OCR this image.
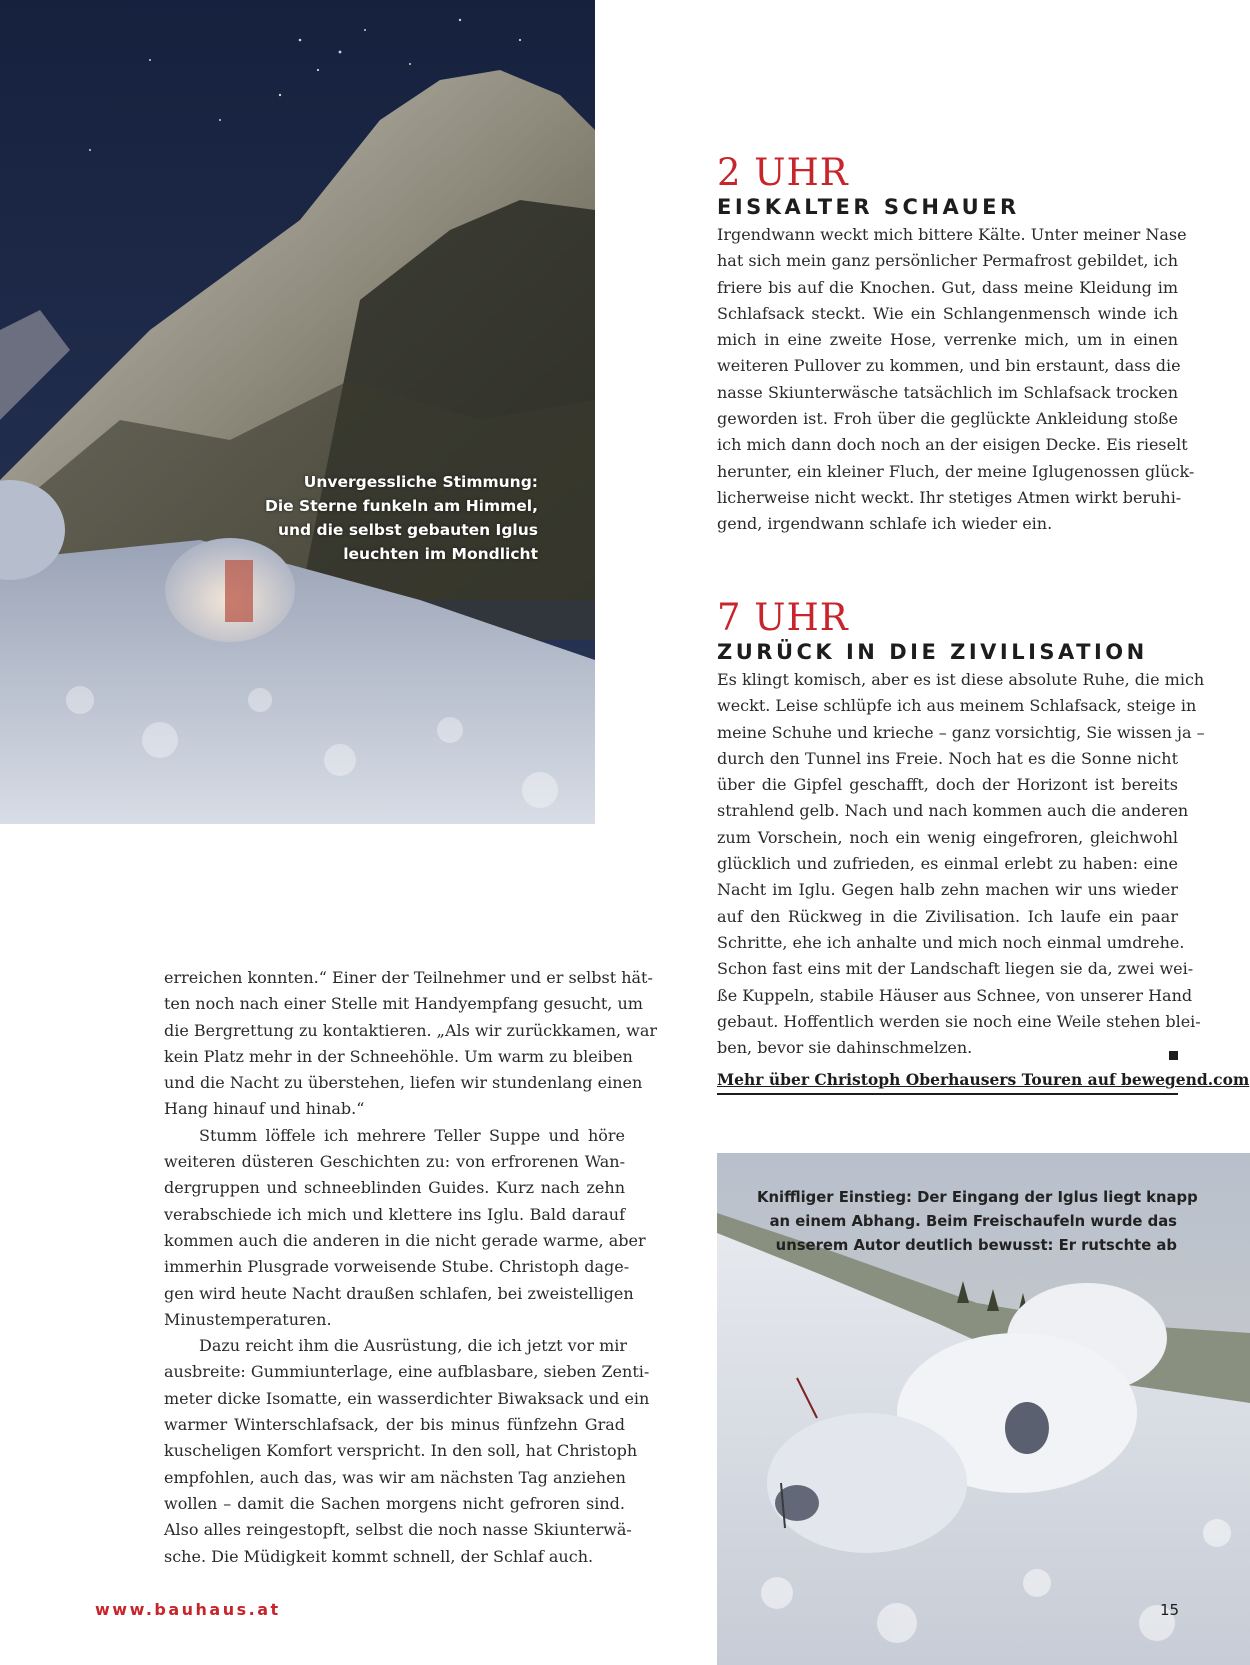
Unvergessliche Stimmung:
Die Sterne funkeln am Himmel,
und die selbst gebauten Iglus
leuchten im Mondlicht
2 UHR
EISKALTER SCHAUER
Irgendwann weckt mich bittere Kälte. Unter meiner Nase
hat sich mein ganz persönlicher Permafrost gebildet, ich
friere bis auf die Knochen. Gut, dass meine Kleidung im
Schlafsack steckt. Wie ein Schlangenmensch winde ich
mich in eine zweite Hose, verrenke mich, um in einen
weiteren Pullover zu kommen, und bin erstaunt, dass die
nasse Skiunterwäsche tatsächlich im Schlafsack trocken
geworden ist. Froh über die geglückte Ankleidung stoße
ich mich dann doch noch an der eisigen Decke. Eis rieselt
herunter, ein kleiner Fluch, der meine Iglugenossen glück-
licherweise nicht weckt. Ihr stetiges Atmen wirkt beruhi-
gend, irgendwann schlafe ich wieder ein.
7 UHR
ZURÜCK IN DIE ZIVILISATION
Es klingt komisch, aber es ist diese absolute Ruhe, die mich
weckt. Leise schlüpfe ich aus meinem Schlafsack, steige in
meine Schuhe und krieche – ganz vorsichtig, Sie wissen ja –
durch den Tunnel ins Freie. Noch hat es die Sonne nicht
über die Gipfel geschafft, doch der Horizont ist bereits
strahlend gelb. Nach und nach kommen auch die anderen
zum Vorschein, noch ein wenig eingefroren, gleichwohl
glücklich und zufrieden, es einmal erlebt zu haben: eine
Nacht im Iglu. Gegen halb zehn machen wir uns wieder
auf den Rückweg in die Zivilisation. Ich laufe ein paar
Schritte, ehe ich anhalte und mich noch einmal umdrehe.
Schon fast eins mit der Landschaft liegen sie da, zwei wei-
ße Kuppeln, stabile Häuser aus Schnee, von unserer Hand
gebaut. Hoffentlich werden sie noch eine Weile stehen blei-
ben, bevor sie dahinschmelzen.
Mehr über Christoph Oberhausers Touren auf bewegend.com
Kniffliger Einstieg: Der Eingang der Iglus liegt knapp
an einem Abhang. Beim Freischaufeln wurde das
unserem Autor deutlich bewusst: Er rutschte ab
erreichen konnten.“ Einer der Teilnehmer und er selbst hät-
ten noch nach einer Stelle mit Handyempfang gesucht, um
die Bergrettung zu kontaktieren. „Als wir zurückkamen, war
kein Platz mehr in der Schneehöhle. Um warm zu bleiben
und die Nacht zu überstehen, liefen wir stundenlang einen
Hang hinauf und hinab.“
Stumm löffele ich mehrere Teller Suppe und höre
weiteren düsteren Geschichten zu: von erfrorenen Wan-
dergruppen und schneeblinden Guides. Kurz nach zehn
verabschiede ich mich und klettere ins Iglu. Bald darauf
kommen auch die anderen in die nicht gerade warme, aber
immerhin Plusgrade vorweisende Stube. Christoph dage-
gen wird heute Nacht draußen schlafen, bei zweistelligen
Minustemperaturen.
Dazu reicht ihm die Ausrüstung, die ich jetzt vor mir
ausbreite: Gummiunterlage, eine aufblasbare, sieben Zenti-
meter dicke Isomatte, ein wasserdichter Biwaksack und ein
warmer Winterschlafsack, der bis minus fünfzehn Grad
kuscheligen Komfort verspricht. In den soll, hat Christoph
empfohlen, auch das, was wir am nächsten Tag anziehen
wollen – damit die Sachen morgens nicht gefroren sind.
Also alles reingestopft, selbst die noch nasse Skiunterwä-
sche. Die Müdigkeit kommt schnell, der Schlaf auch.
www.bauhaus.at	15
